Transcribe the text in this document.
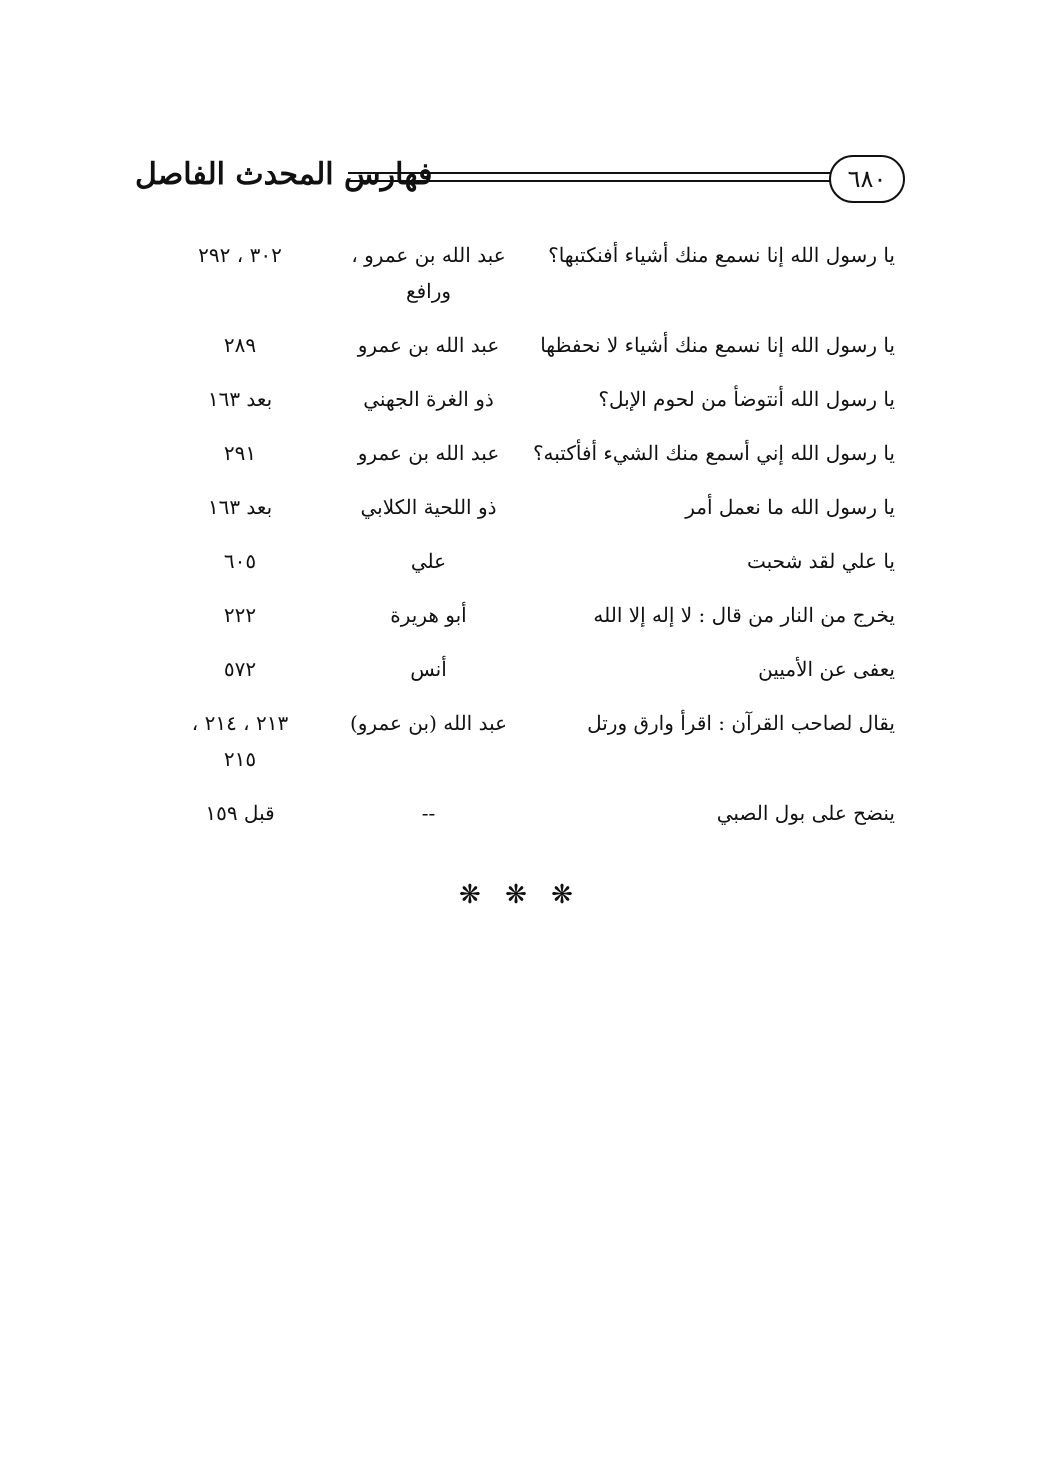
فهارس المحدث الفاصل	٦٨٠
يا رسول الله إنا نسمع منك أشياء أفنكتبها؟
عبد الله بن عمرو ،
ورافع
٣٠٢ ، ٢٩٢
يا رسول الله إنا نسمع منك أشياء لا نحفظها
عبد الله بن عمرو
٢٨٩
يا رسول الله أنتوضأ من لحوم الإبل؟
ذو الغرة الجهني
بعد ١٦٣
يا رسول الله إني أسمع منك الشيء أفأكتبه؟
عبد الله بن عمرو
٢٩١
يا رسول الله ما نعمل أمر
ذو اللحية الكلابي
بعد ١٦٣
يا علي لقد شحبت
علي
٦٠٥
يخرج من النار من قال : لا إله إلا الله
أبو هريرة
٢٢٢
يعفى عن الأميين
أنس
٥٧٢
يقال لصاحب القرآن : اقرأ وارق ورتل
عبد الله (بن عمرو)
٢١٣ ، ٢١٤ ،
٢١٥
ينضح على بول الصبي
--
قبل ١٥٩
❋ ❋ ❋
